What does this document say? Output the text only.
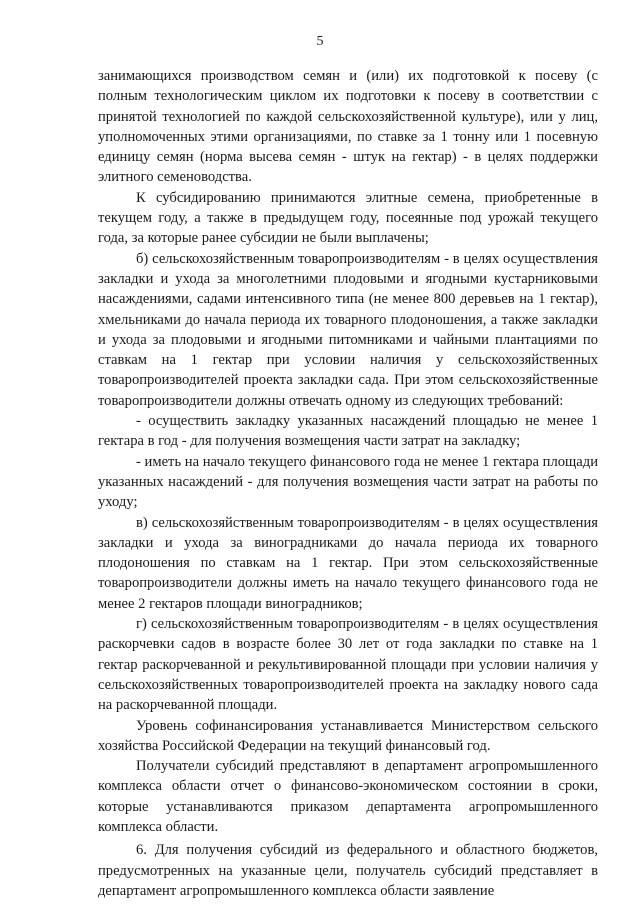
5

занимающихся производством семян и (или) их подготовкой к посеву (с полным технологическим циклом их подготовки к посеву в соответствии с принятой технологией по каждой сельскохозяйственной культуре), или у лиц, уполномоченных этими организациями, по ставке за 1 тонну или 1 посевную единицу семян (норма высева семян - штук на гектар) - в целях поддержки элитного семеноводства.

К субсидированию принимаются элитные семена, приобретенные в текущем году, а также в предыдущем году, посеянные под урожай текущего года, за которые ранее субсидии не были выплачены;

б) сельскохозяйственным товаропроизводителям - в целях осуществления закладки и ухода за многолетними плодовыми и ягодными кустарниковыми насаждениями, садами интенсивного типа (не менее 800 деревьев на 1 гектар), хмельниками до начала периода их товарного плодоношения, а также закладки и ухода за плодовыми и ягодными питомниками и чайными плантациями по ставкам на 1 гектар при условии наличия у сельскохозяйственных товаропроизводителей проекта закладки сада. При этом сельскохозяйственные товаропроизводители должны отвечать одному из следующих требований:

- осуществить закладку указанных насаждений площадью не менее 1 гектара в год - для получения возмещения части затрат на закладку;

- иметь на начало текущего финансового года не менее 1 гектара площади указанных насаждений - для получения возмещения части затрат на работы по уходу;

в) сельскохозяйственным товаропроизводителям - в целях осуществления закладки и ухода за виноградниками до начала периода их товарного плодоношения по ставкам на 1 гектар. При этом сельскохозяйственные товаропроизводители должны иметь на начало текущего финансового года не менее 2 гектаров площади виноградников;

г) сельскохозяйственным товаропроизводителям - в целях осуществления раскорчевки садов в возрасте более 30 лет от года закладки по ставке на 1 гектар раскорчеванной и рекультивированной площади при условии наличия у сельскохозяйственных товаропроизводителей проекта на закладку нового сада на раскорчеванной площади.

Уровень софинансирования устанавливается Министерством сельского хозяйства Российской Федерации на текущий финансовый год.

Получатели субсидий представляют в департамент агропромышленного комплекса области отчет о финансово-экономическом состоянии в сроки, которые устанавливаются приказом департамента агропромышленного комплекса области.

6. Для получения субсидий из федерального и областного бюджетов, предусмотренных на указанные цели, получатель субсидий представляет в департамент агропромышленного комплекса области заявление
